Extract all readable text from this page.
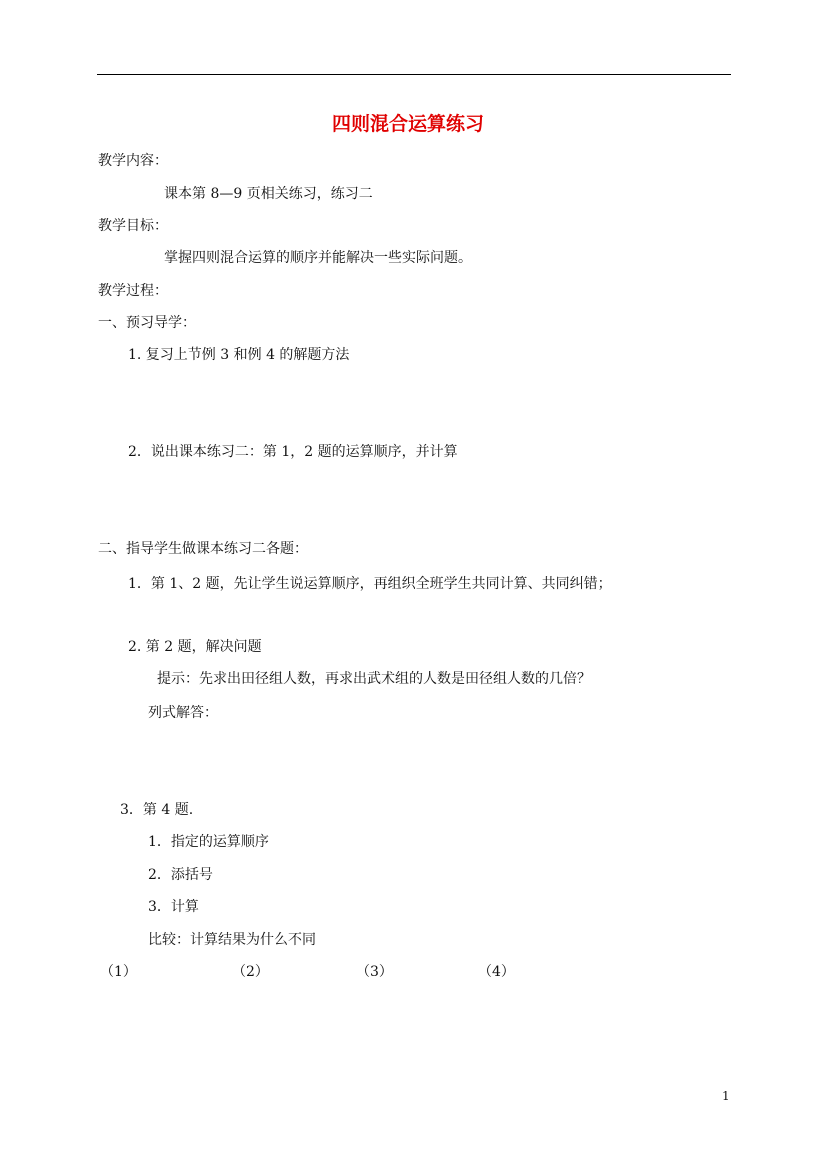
四则混合运算练习
教学内容：
课本第 8—9 页相关练习，练习二
教学目标：
掌握四则混合运算的顺序并能解决一些实际问题。
教学过程：
一、预习导学：
1. 复习上节例 3 和例 4 的解题方法
2．说出课本练习二：第 1，2 题的运算顺序，并计算
二、指导学生做课本练习二各题：
1．第 1、2 题，先让学生说运算顺序，再组织全班学生共同计算、共同纠错；
2. 第 2 题，解决问题
提示：先求出田径组人数，再求出武术组的人数是田径组人数的几倍？
列式解答：
3．第 4 题.
1．指定的运算顺序
2．添括号
3．计算
比较：计算结果为什么不同
（1）	（2）	（3）	（4）
1
